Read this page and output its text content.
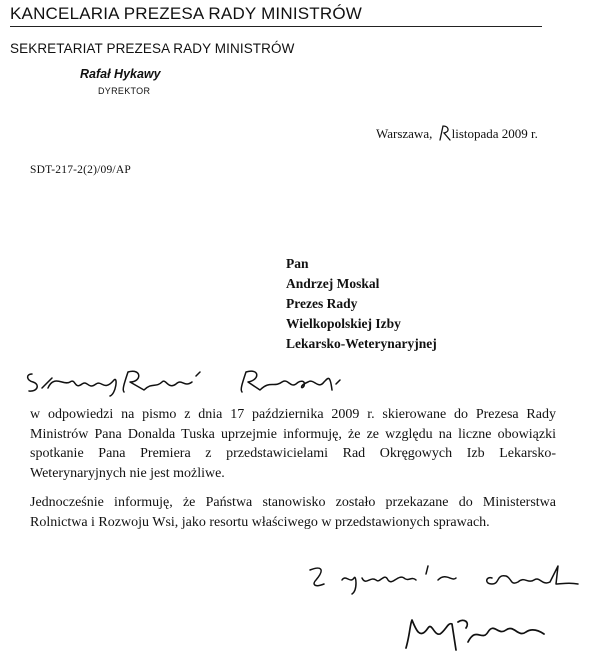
KANCELARIA PREZESA RADY MINISTRÓW
SEKRETARIAT PREZESA RADY MINISTRÓW
Rafał Hykawy
DYREKTOR
Warszawa, listopada 2009 r.
SDT-217-2(2)/09/AP
Pan
Andrzej Moskal
Prezes Rady
Wielkopolskiej Izby
Lekarsko-Weterynaryjnej
w odpowiedzi na pismo z dnia 17 października 2009 r. skierowane do Prezesa Rady Ministrów Pana Donalda Tuska uprzejmie informuję, że ze względu na liczne obowiązki spotkanie Pana Premiera z przedstawicielami Rad Okręgowych Izb Lekarsko-Weterynaryjnych nie jest możliwe.
Jednocześnie informuję, że Państwa stanowisko zostało przekazane do Ministerstwa Rolnictwa i Rozwoju Wsi, jako resortu właściwego w przedstawionych sprawach.
